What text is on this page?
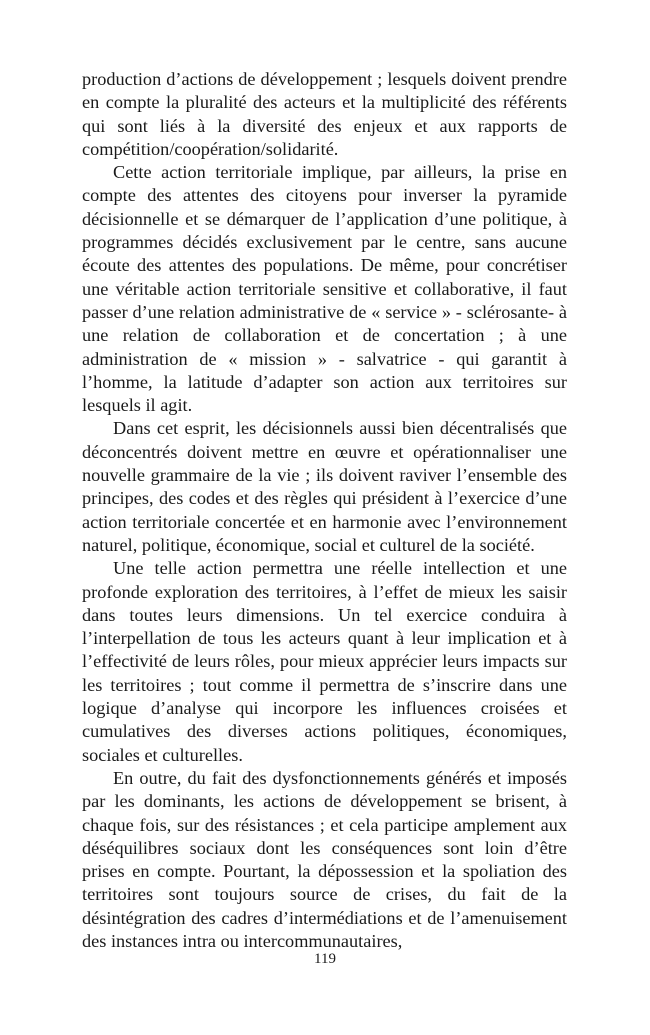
production d’actions de développement ; lesquels doivent prendre en compte la pluralité des acteurs et la multiplicité des référents qui sont liés à la diversité des enjeux et aux rapports de compétition/coopération/solidarité.

Cette action territoriale implique, par ailleurs, la prise en compte des attentes des citoyens pour inverser la pyramide décisionnelle et se démarquer de l’application d’une politique, à programmes décidés exclusivement par le centre, sans aucune écoute des attentes des populations. De même, pour concrétiser une véritable action territoriale sensitive et collaborative, il faut passer d’une relation administrative de « service » - sclérosante- à une relation de collaboration et de concertation ; à une administration de « mission » - salvatrice - qui garantit à l’homme, la latitude d’adapter son action aux territoires sur lesquels il agit.

Dans cet esprit, les décisionnels aussi bien décentralisés que déconcentrés doivent mettre en œuvre et opérationnaliser une nouvelle grammaire de la vie ; ils doivent raviver l’ensemble des principes, des codes et des règles qui président à l’exercice d’une action territoriale concertée et en harmonie avec l’environnement naturel, politique, économique, social et culturel de la société.

Une telle action permettra une réelle intellection et une profonde exploration des territoires, à l’effet de mieux les saisir dans toutes leurs dimensions. Un tel exercice conduira à l’interpellation de tous les acteurs quant à leur implication et à l’effectivité de leurs rôles, pour mieux apprécier leurs impacts sur les territoires ; tout comme il permettra de s’inscrire dans une logique d’analyse qui incorpore les influences croisées et cumulatives des diverses actions politiques, économiques, sociales et culturelles.

En outre, du fait des dysfonctionnements générés et imposés par les dominants, les actions de développement se brisent, à chaque fois, sur des résistances ; et cela participe amplement aux déséquilibres sociaux dont les conséquences sont loin d’être prises en compte. Pourtant, la dépossession et la spoliation des territoires sont toujours source de crises, du fait de la désintégration des cadres d’intermédiations et de l’amenuisement des instances intra ou intercommunautaires,

119
